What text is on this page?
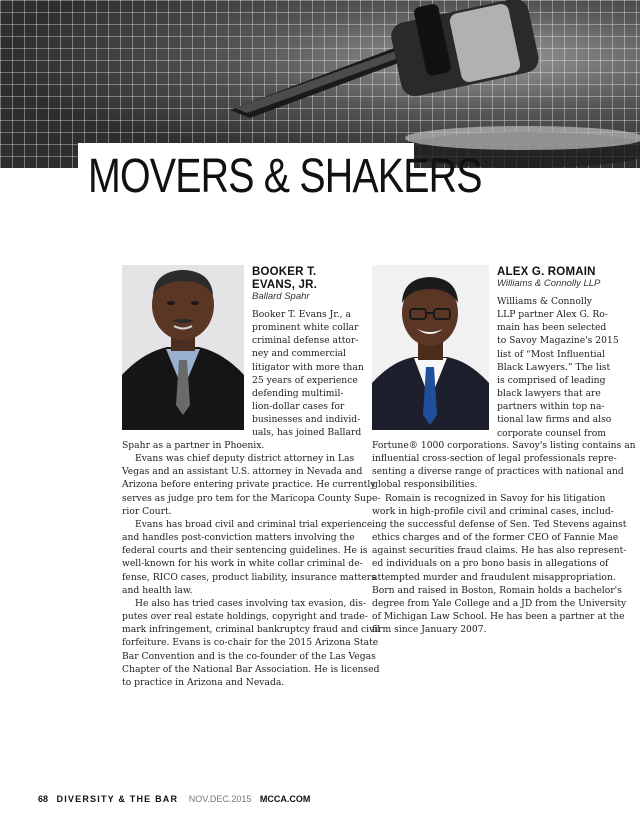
MOVERS & SHAKERS
BOOKER T.
EVANS, JR.
Ballard Spahr
Booker T. Evans Jr., a
prominent white collar
criminal defense attor-
ney and commercial
litigator with more than
25 years of experience
defending multimil-
lion-dollar cases for
businesses and individ-
uals, has joined Ballard
Spahr as a partner in Phoenix.
Evans was chief deputy district attorney in Las
Vegas and an assistant U.S. attorney in Nevada and
Arizona before entering private practice. He currently
serves as judge pro tem for the Maricopa County Supe-
rior Court.
Evans has broad civil and criminal trial experience
and handles post-conviction matters involving the
federal courts and their sentencing guidelines. He is
well-known for his work in white collar criminal de-
fense, RICO cases, product liability, insurance matters
and health law.
He also has tried cases involving tax evasion, dis-
putes over real estate holdings, copyright and trade-
mark infringement, criminal bankruptcy fraud and civil
forfeiture. Evans is co-chair for the 2015 Arizona State
Bar Convention and is the co-founder of the Las Vegas
Chapter of the National Bar Association. He is licensed
to practice in Arizona and Nevada.
ALEX G. ROMAIN
Williams & Connolly LLP
Williams & Connolly
LLP partner Alex G. Ro-
main has been selected
to Savoy Magazine's 2015
list of “Most Influential
Black Lawyers.” The list
is comprised of leading
black lawyers that are
partners within top na-
tional law firms and also
corporate counsel from
Fortune® 1000 corporations. Savoy's listing contains an
influential cross-section of legal professionals repre-
senting a diverse range of practices with national and
global responsibilities.
Romain is recognized in Savoy for his litigation
work in high-profile civil and criminal cases, includ-
ing the successful defense of Sen. Ted Stevens against
ethics charges and of the former CEO of Fannie Mae
against securities fraud claims. He has also represent-
ed individuals on a pro bono basis in allegations of
attempted murder and fraudulent misappropriation.
Born and raised in Boston, Romain holds a bachelor's
degree from Yale College and a JD from the University
of Michigan Law School. He has been a partner at the
firm since January 2007.
68 DIVERSITY & THE BAR NOV.DEC.2015 MCCA.COM
